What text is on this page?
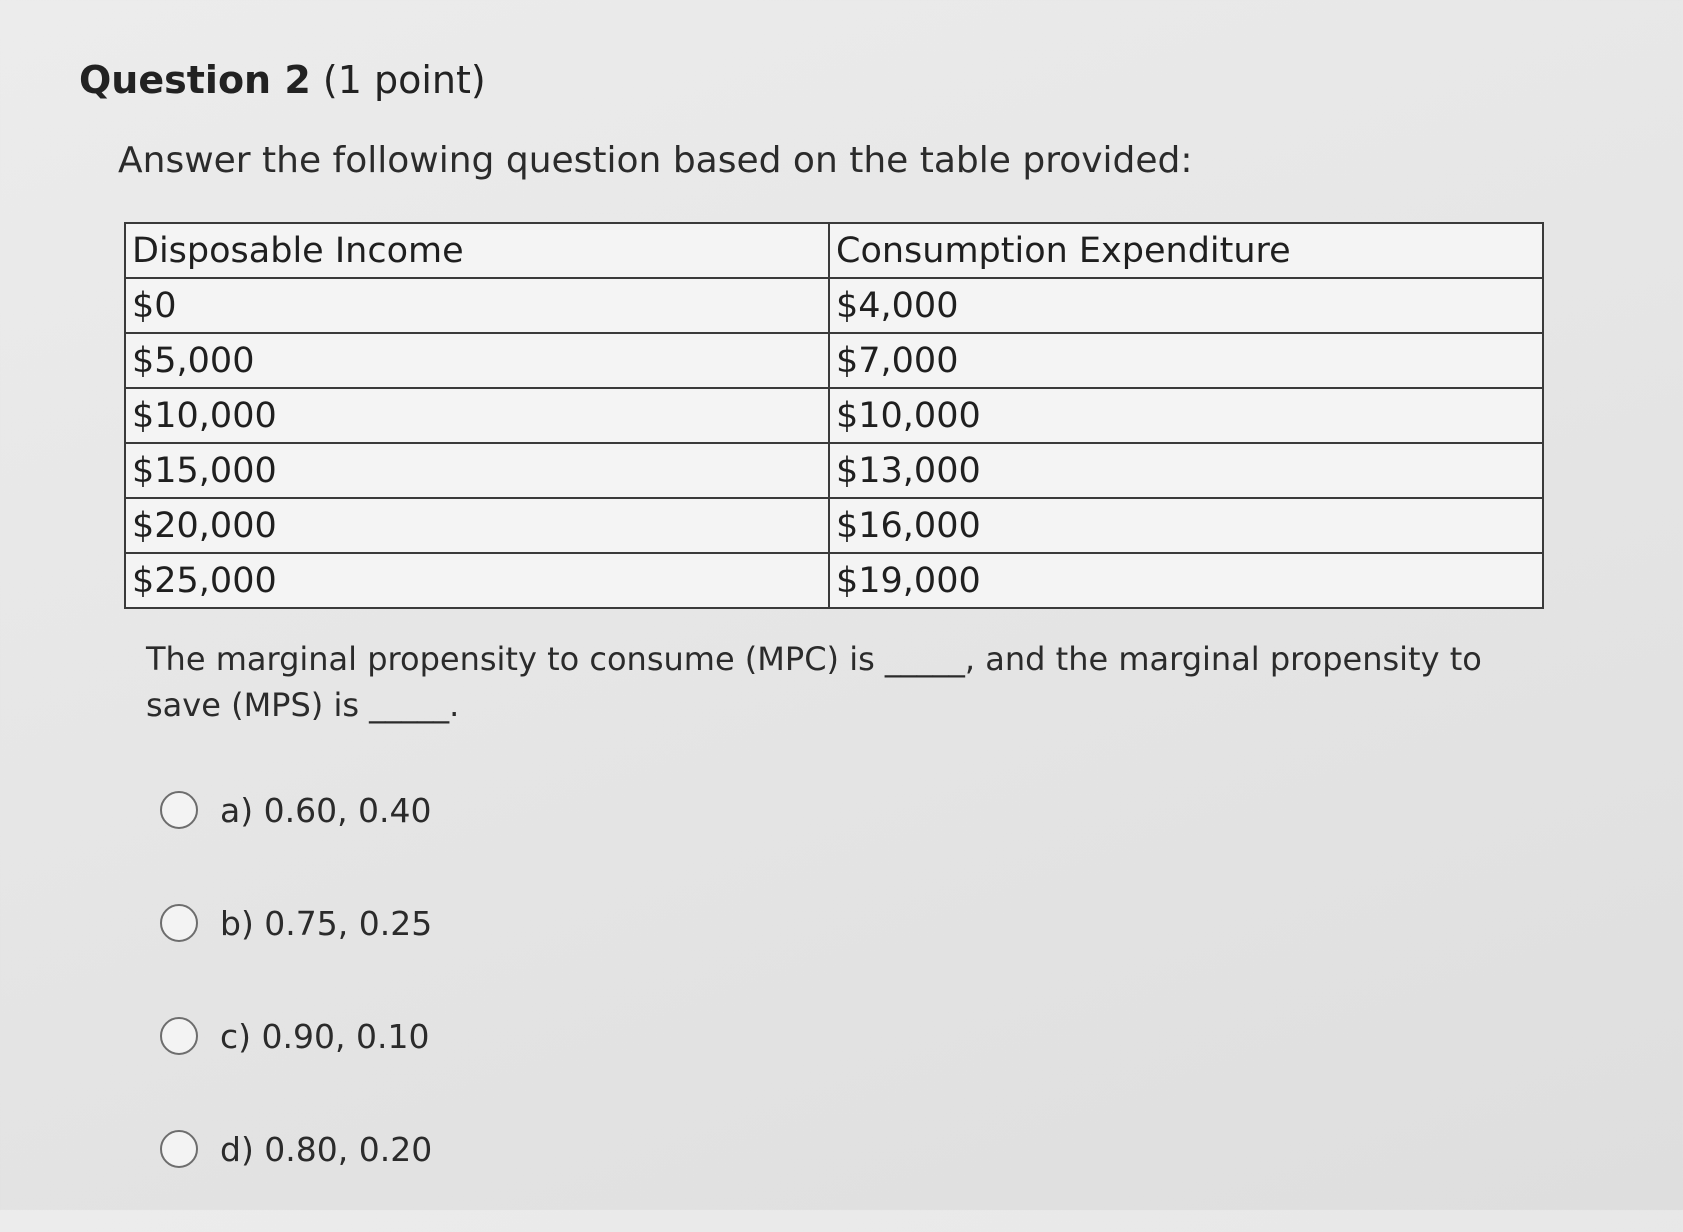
Question 2 (1 point)
Answer the following question based on the table provided:
Disposable Income	Consumption Expenditure
$0	$4,000
$5,000	$7,000
$10,000	$10,000
$15,000	$13,000
$20,000	$16,000
$25,000	$19,000
The marginal propensity to consume (MPC) is _____, and the marginal propensity to save (MPS) is _____.
a) 0.60, 0.40
b) 0.75, 0.25
c) 0.90, 0.10
d) 0.80, 0.20
